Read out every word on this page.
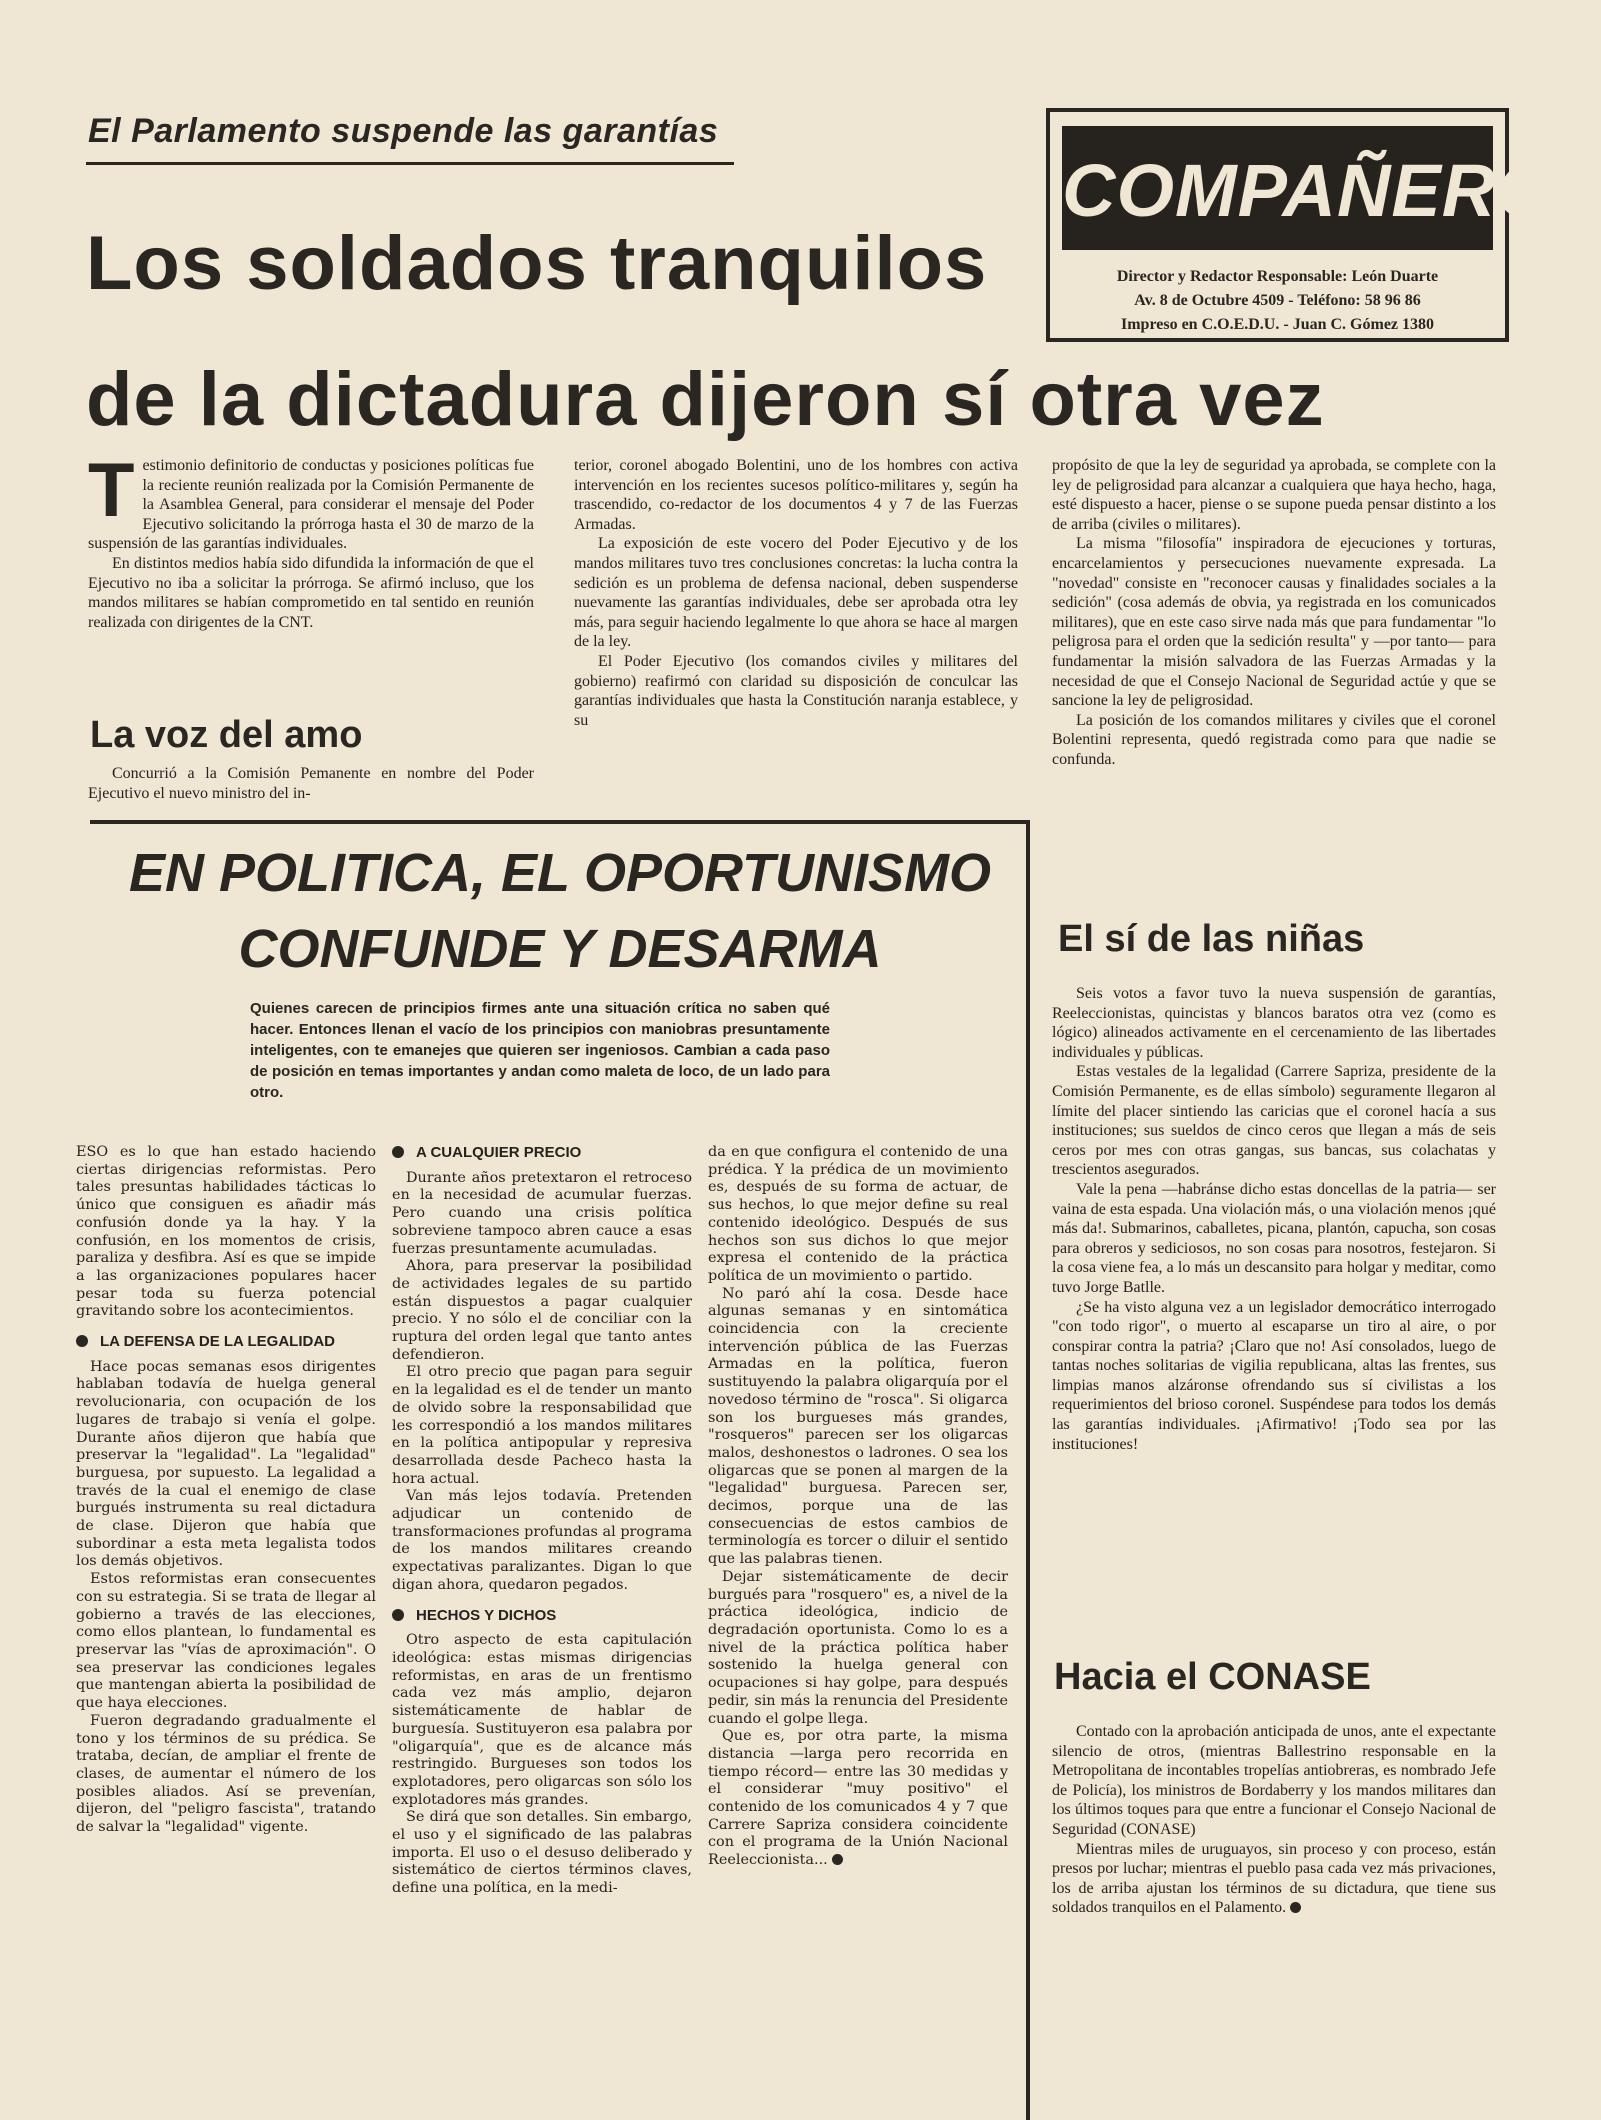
El Parlamento suspende las garantías
Los soldados tranquilos
de la dictadura dijeron sí otra vez
COMPAÑERO
Director y Redactor Responsable: León Duarte
Av. 8 de Octubre 4509 - Teléfono: 58 96 86
Impreso en C.O.E.D.U. - Juan C. Gómez 1380

Testimonio definitorio de conductas y posiciones políticas fue la reciente reunión realizada por la Comisión Permanente de la Asamblea General, para considerar el mensaje del Poder Ejecutivo solicitando la prórroga hasta el 30 de marzo de la suspensión de las garantías individuales.

En distintos medios había sido difundida la información de que el Ejecutivo no iba a solicitar la prórroga. Se afirmó incluso, que los mandos militares se habían comprometido en tal sentido en reunión realizada con dirigentes de la CNT.

La voz del amo

Concurrió a la Comisión Pemanente en nombre del Poder Ejecutivo el nuevo ministro del in-

terior, coronel abogado Bolentini, uno de los hombres con activa intervención en los recientes sucesos político-militares y, según ha trascendido, co-redactor de los documentos 4 y 7 de las Fuerzas Armadas.

La exposición de este vocero del Poder Ejecutivo y de los mandos militares tuvo tres conclusiones concretas: la lucha contra la sedición es un problema de defensa nacional, deben suspenderse nuevamente las garantías individuales, debe ser aprobada otra ley más, para seguir haciendo legalmente lo que ahora se hace al margen de la ley.

El Poder Ejecutivo (los comandos civiles y militares del gobierno) reafirmó con claridad su disposición de conculcar las garantías individuales que hasta la Constitución naranja establece, y su

propósito de que la ley de seguridad ya aprobada, se complete con la ley de peligrosidad para alcanzar a cualquiera que haya hecho, haga, esté dispuesto a hacer, piense o se supone pueda pensar distinto a los de arriba (civiles o militares).

La misma "filosofía" inspiradora de ejecuciones y torturas, encarcelamientos y persecuciones nuevamente expresada. La "novedad" consiste en "reconocer causas y finalidades sociales a la sedición" (cosa además de obvia, ya registrada en los comunicados militares), que en este caso sirve nada más que para fundamentar "lo peligrosa para el orden que la sedición resulta" y —por tanto— para fundamentar la misión salvadora de las Fuerzas Armadas y la necesidad de que el Consejo Nacional de Seguridad actúe y que se sancione la ley de peligrosidad.

La posición de los comandos militares y civiles que el coronel Bolentini representa, quedó registrada como para que nadie se confunda.

El sí de las niñas

Seis votos a favor tuvo la nueva suspensión de garantías, Reeleccionistas, quincistas y blancos baratos otra vez (como es lógico) alineados activamente en el cercenamiento de las libertades individuales y públicas.

Estas vestales de la legalidad (Carrere Sapriza, presidente de la Comisión Permanente, es de ellas símbolo) seguramente llegaron al límite del placer sintiendo las caricias que el coronel hacía a sus instituciones; sus sueldos de cinco ceros que llegan a más de seis ceros por mes con otras gangas, sus bancas, sus colachatas y trescientos asegurados.

Vale la pena —habránse dicho estas doncellas de la patria— ser vaina de esta espada. Una violación más, o una violación menos ¡qué más da!. Submarinos, caballetes, picana, plantón, capucha, son cosas para obreros y sediciosos, no son cosas para nosotros, festejaron. Si la cosa viene fea, a lo más un descansito para holgar y meditar, como tuvo Jorge Batlle.

¿Se ha visto alguna vez a un legislador democrático interrogado "con todo rigor", o muerto al escaparse un tiro al aire, o por conspirar contra la patria? ¡Claro que no! Así consolados, luego de tantas noches solitarias de vigilia republicana, altas las frentes, sus limpias manos alzáronse ofrendando sus sí civilistas a los requerimientos del brioso coronel. Suspéndese para todos los demás las garantías individuales. ¡Afirmativo! ¡Todo sea por las instituciones!

Hacia el CONASE

Contado con la aprobación anticipada de unos, ante el expectante silencio de otros, (mientras Ballestrino responsable en la Metropolitana de incontables tropelías antiobreras, es nombrado Jefe de Policía), los ministros de Bordaberry y los mandos militares dan los últimos toques para que entre a funcionar el Consejo Nacional de Seguridad (CONASE)

Mientras miles de uruguayos, sin proceso y con proceso, están presos por luchar; mientras el pueblo pasa cada vez más privaciones, los de arriba ajustan los términos de su dictadura, que tiene sus soldados tranquilos en el Palamento.

EN POLITICA, EL OPORTUNISMO
CONFUNDE Y DESARMA
Quienes carecen de principios firmes ante una situación crítica no saben qué hacer. Entonces llenan el vacío de los principios con maniobras presuntamente inteligentes, con te emanejes que quieren ser ingeniosos. Cambian a cada paso de posición en temas importantes y andan como maleta de loco, de un lado para otro.

ESO es lo que han estado haciendo ciertas dirigencias reformistas. Pero tales presuntas habilidades tácticas lo único que consiguen es añadir más confusión donde ya la hay. Y la confusión, en los momentos de crisis, paraliza y desfibra. Así es que se impide a las organizaciones populares hacer pesar toda su fuerza potencial gravitando sobre los acontecimientos.

LA DEFENSA DE LA LEGALIDAD

Hace pocas semanas esos dirigentes hablaban todavía de huelga general revolucionaria, con ocupación de los lugares de trabajo si venía el golpe. Durante años dijeron que había que preservar la "legalidad". La "legalidad" burguesa, por supuesto. La legalidad a través de la cual el enemigo de clase burgués instrumenta su real dictadura de clase. Dijeron que había que subordinar a esta meta legalista todos los demás objetivos.

Estos reformistas eran consecuentes con su estrategia. Si se trata de llegar al gobierno a través de las elecciones, como ellos plantean, lo fundamental es preservar las "vías de aproximación". O sea preservar las condiciones legales que mantengan abierta la posibilidad de que haya elecciones.

Fueron degradando gradualmente el tono y los términos de su prédica. Se trataba, decían, de ampliar el frente de clases, de aumentar el número de los posibles aliados. Así se prevenían, dijeron, del "peligro fascista", tratando de salvar la "legalidad" vigente.

A CUALQUIER PRECIO

Durante años pretextaron el retroceso en la necesidad de acumular fuerzas. Pero cuando una crisis política sobreviene tampoco abren cauce a esas fuerzas presuntamente acumuladas.

Ahora, para preservar la posibilidad de actividades legales de su partido están dispuestos a pagar cualquier precio. Y no sólo el de conciliar con la ruptura del orden legal que tanto antes defendieron.

El otro precio que pagan para seguir en la legalidad es el de tender un manto de olvido sobre la responsabilidad que les correspondió a los mandos militares en la política antipopular y represiva desarrollada desde Pacheco hasta la hora actual.

Van más lejos todavía. Pretenden adjudicar un contenido de transformaciones profundas al programa de los mandos militares creando expectativas paralizantes. Digan lo que digan ahora, quedaron pegados.

HECHOS Y DICHOS

Otro aspecto de esta capitulación ideológica: estas mismas dirigencias reformistas, en aras de un frentismo cada vez más amplio, dejaron sistemáticamente de hablar de burguesía. Sustituyeron esa palabra por "oligarquía", que es de alcance más restringido. Burgueses son todos los explotadores, pero oligarcas son sólo los explotadores más grandes.

Se dirá que son detalles. Sin embargo, el uso y el significado de las palabras importa. El uso o el desuso deliberado y sistemático de ciertos términos claves, define una política, en la medi-

da en que configura el contenido de una prédica. Y la prédica de un movimiento es, después de su forma de actuar, de sus hechos, lo que mejor define su real contenido ideológico. Después de sus hechos son sus dichos lo que mejor expresa el contenido de la práctica política de un movimiento o partido.

No paró ahí la cosa. Desde hace algunas semanas y en sintomática coincidencia con la creciente intervención pública de las Fuerzas Armadas en la política, fueron sustituyendo la palabra oligarquía por el novedoso término de "rosca". Si oligarca son los burgueses más grandes, "rosqueros" parecen ser los oligarcas malos, deshonestos o ladrones. O sea los oligarcas que se ponen al margen de la "legalidad" burguesa. Parecen ser, decimos, porque una de las consecuencias de estos cambios de terminología es torcer o diluir el sentido que las palabras tienen.

Dejar sistemáticamente de decir burgués para "rosquero" es, a nivel de la práctica ideológica, indicio de degradación oportunista. Como lo es a nivel de la práctica política haber sostenido la huelga general con ocupaciones si hay golpe, para después pedir, sin más la renuncia del Presidente cuando el golpe llega.

Que es, por otra parte, la misma distancia —larga pero recorrida en tiempo récord— entre las 30 medidas y el considerar "muy positivo" el contenido de los comunicados 4 y 7 que Carrere Sapriza considera coincidente con el programa de la Unión Nacional Reeleccionista...
